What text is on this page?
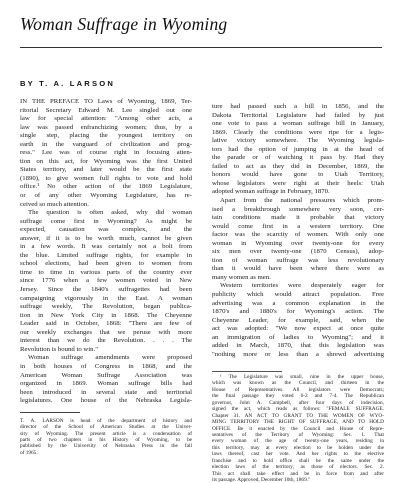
Woman Suffrage in Wyoming
BY T. A. LARSON
IN THE PREFACE TO Laws of Wyoming, 1869, Ter-
ritorial Secretary Edward M. Lee singled out one
law for special attention: "Among other acts, a
law was passed enfranchizing women; thus, by a
single step, placing the youngest territory on
earth in the vanguard of civilization and prog-
ress." Lee was of course right in focusing atten-
tion on this act, for Wyoming was the first United
States territory, and later would be the first state
(1890), to give women full rights to vote and hold
office.¹ No other action of the 1869 Legislature,
or of any other Wyoming Legislature, has re-
ceived so much attention.
The question is often asked, why did woman
suffrage come first in Wyoming? As might be
expected, causation was complex, and the
answer, if it is to be worth much, cannot be given
in a few words. It was certainly not a bolt from
the blue. Limited suffrage rights, for example in
school elections, had been given to women from
time to time in various parts of the country ever
since 1776 when a few women voted in New
Jersey. Since the 1840's suffragettes had been
campaigning vigorously in the East. A woman
suffrage weekly, The Revolution, began publica-
tion in New York City in 1868. The Cheyenne
Leader said in October, 1868: "There are few of
our weekly exchanges that we peruse with more
interest than we do the Revolution. . . . The
Revolution is bound to win."
Woman suffrage amendments were proposed
in both houses of Congress in 1868, and the
American Woman Suffrage Association was
organized in 1869. Woman suffrage bills had
been introduced in several state and territorial
legislatures. One house of the Nebraska Legisla-
T. A. LARSON is head of the department of history and
director of the School of American Studies at the Univer-
sity of Wyoming. The present article is a condensation of
parts of two chapters in his History of Wyoming, to be
published by the University of Nebraska Press in the fall
of 1965.
ture had passed such a bill in 1856, and the
Dakota Territorial Legislature had failed by just
one vote to pass a woman suffrage bill in January,
1869. Clearly the conditions were ripe for a legis-
lative victory somewhere. The Wyoming legisla-
tors had the option of jumping in at the head of
the parade or of watching it pass by. Had they
failed to act as they did in December, 1869, the
honors would have gone to Utah Territory,
whose legislators were right at their heels: Utah
adopted woman suffrage in February, 1870.
Apart from the national pressures which prom-
ised a breakthrough somewhere very soon, cer-
tain conditions made it probable that victory
would come first in a western territory. One
factor was the scarcity of women. With only one
woman in Wyoming over twenty-one for every
six men over twenty-one (1870 Census), adop-
tion of woman suffrage was less revolutionary
than it would have been where there were as
many women as men.
Western territories were desperately eager for
publicity which would attract population. Free
advertising was a common explanation in the
1870's and 1880's for Wyoming's action. The
Cheyenne Leader, for example, said, when the
act was adopted: "We now expect at once quite
an immigration of ladies to Wyoming"; and it
added in March, 1870, that this legislation was
"nothing more or less than a shrewd advertising
¹ The Legislature was small, nine in the upper house,
which was known as the Council, and thirteen in the
House of Representatives. All legislators were Democrats;
the final passage they voted 6-2 and 7-4. The Republican
governor, John A. Campbell, after four days of indecision,
signed the act, which reads as follows: "FEMALE SUFFRAGE.
Chapter 31. AN ACT TO GRANT TO THE WOMEN OF WYO-
MING TERRITORY THE RIGHT OF SUFFRAGE, AND TO HOLD
OFFICE. Be it enacted by the Council and House of Repre-
sentatives of the Territory of Wyoming: Sec. 1. That
every woman of the age of twenty-one years, residing in
this territory, may at every election to be holden under the
laws thereof, cast her vote. And her rights to the elective
franchise and to hold office shall be the same under the
election laws of the territory, as those of electors. Sec. 2.
This act shall take effect and be in force from and after
its passage. Approved, December 10th, 1869."
